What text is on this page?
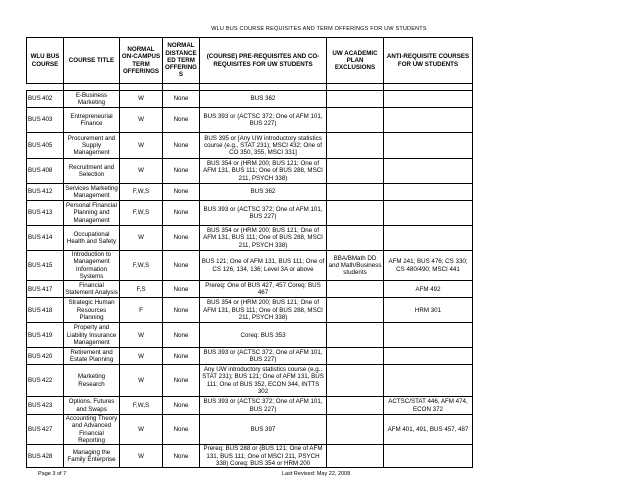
WLU BUS COURSE REQUISITES AND TERM OFFERINGS FOR UW STUDENTS
WLU BUS COURSE	COURSE TITLE	NORMAL ON-CAMPUS TERM OFFERINGS	NORMAL DISTANCE ED TERM OFFERING S	(COURSE) PRE-REQUISITES AND CO-REQUISITES FOR UW STUDENTS	UW ACADEMIC PLAN EXCLUSIONS	ANTI-REQUISITE COURSES FOR UW STUDENTS

BUS402	E-Business Marketing	W	None	BUS 362		
BUS403	Entrepreneurial Finance	W	None	BUS 393 or (ACTSC 372; One of AFM 101, BUS 227)		
BUS405	Procurement and Supply Management	W	None	BUS 395 or [Any UW introductory statistics course (e.g., STAT 231); MSCI 432; One of CO 350, 355, MSCI 331]		
BUS408	Recruitment and Selection	W	None	BUS 354 or (HRM 200; BUS 121; One of AFM 131, BUS 111; One of BUS 288, MSCI 211, PSYCH 338)		
BUS412	Services Marketing Management	F,W,S	None	BUS 362		
BUS413	Personal Financial Planning and Management	F,W,S	None	BUS 393 or (ACTSC 372; One of AFM 101, BUS 227)		
BUS414	Occupational Health and Safety	W	None	BUS 354 or (HRM 200; BUS 121; One of AFM 131, BUS 111; One of BUS 288, MSCI 211, PSYCH 338)		
BUS415	Introduction to Management Information Systems	F,W,S	None	BUS 121; One of AFM 131, BUS 111; One of CS 126, 134, 136; Level 3A or above	BBA/BMath DD and Math/Business students	AFM 241; BUS 476; CS 330; CS 480/490; MSCI 441
BUS417	Financial Statement Analysis	F,S	None	Prereq: One of BUS 427, 457 Coreq: BUS 467		AFM 492
BUS418	Strategic Human Resources Planning	F	None	BUS 354 or (HRM 200; BUS 121; One of AFM 131, BUS 111; One of BUS 288, MSCI 211, PSYCH 338)		HRM 301
BUS419	Property and Liability Insurance Management	W	None	Coreq: BUS 353		
BUS420	Retirement and Estate Planning	W	None	BUS 393 or (ACTSC 372; One of AFM 101, BUS 227)		
BUS422	Marketing Research	W	None	Any UW introductory statistics course (e.g., STAT 231); BUS 121; One of AFM 131, BUS 111; One of BUS 352, ECON 344, INTTS 302		
BUS423	Options, Futures and Swaps	F,W,S	None	BUS 393 or (ACTSC 372; One of AFM 101, BUS 227)		ACTSC/STAT 446, AFM 474, ECON 372
BUS427	Accounting Theory and Advanced Financial Reporting	W	None	BUS 397		AFM 401, 491, BUS 457, 487
BUS428	Managing the Family Enterprise	W	None	Prereq: BUS 288 or (BUS 121; One of AFM 131, BUS 111; One of MSCI 211, PSYCH 338) Coreq: BUS 354 or HRM 200		
Page 3 of 7	Last Revised: May 22, 2008
